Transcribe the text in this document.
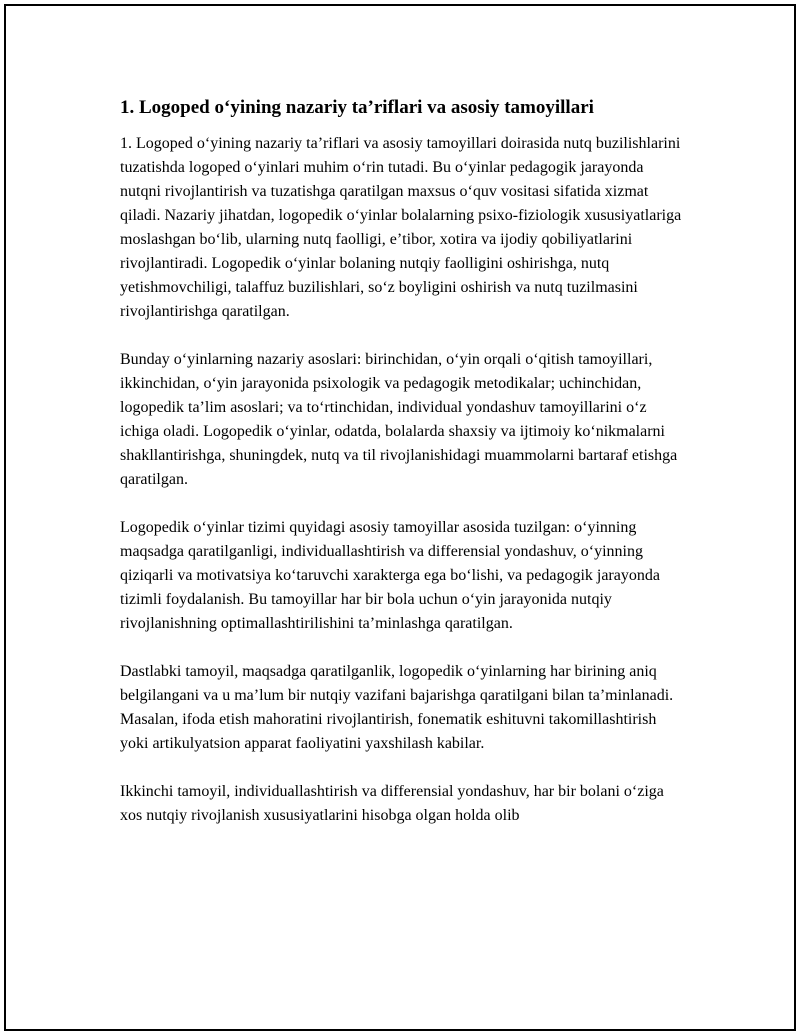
1. Logoped oʻyining nazariy taʼriflari va asosiy tamoyillari

1. Logoped oʻyining nazariy taʼriflari va asosiy tamoyillari doirasida nutq buzilishlarini tuzatishda logoped oʻyinlari muhim oʻrin tutadi. Bu oʻyinlar pedagogik jarayonda nutqni rivojlantirish va tuzatishga qaratilgan maxsus oʻquv vositasi sifatida xizmat qiladi. Nazariy jihatdan, logopedik oʻyinlar bolalarning psixo-fiziologik xususiyatlariga moslashgan boʻlib, ularning nutq faolligi, eʼtibor, xotira va ijodiy qobiliyatlarini rivojlantiradi. Logopedik oʻyinlar bolaning nutqiy faolligini oshirishga, nutq yetishmovchiligi, talaffuz buzilishlari, soʻz boyligini oshirish va nutq tuzilmasini rivojlantirishga qaratilgan.

Bunday oʻyinlarning nazariy asoslari: birinchidan, oʻyin orqali oʻqitish tamoyillari, ikkinchidan, oʻyin jarayonida psixologik va pedagogik metodikalar; uchinchidan, logopedik taʼlim asoslari; va toʻrtinchidan, individual yondashuv tamoyillarini oʻz ichiga oladi. Logopedik oʻyinlar, odatda, bolalarda shaxsiy va ijtimoiy koʻnikmalarni shakllantirishga, shuningdek, nutq va til rivojlanishidagi muammolarni bartaraf etishga qaratilgan.

Logopedik oʻyinlar tizimi quyidagi asosiy tamoyillar asosida tuzilgan: oʻyinning maqsadga qaratilganligi, individuallashtirish va differensial yondashuv, oʻyinning qiziqarli va motivatsiya koʻtaruvchi xarakterga ega boʻlishi, va pedagogik jarayonda tizimli foydalanish. Bu tamoyillar har bir bola uchun oʻyin jarayonida nutqiy rivojlanishning optimallashtirilishini taʼminlashga qaratilgan.

Dastlabki tamoyil, maqsadga qaratilganlik, logopedik oʻyinlarning har birining aniq belgilangani va u maʼlum bir nutqiy vazifani bajarishga qaratilgani bilan taʼminlanadi. Masalan, ifoda etish mahoratini rivojlantirish, fonematik eshituvni takomillashtirish yoki artikulyatsion apparat faoliyatini yaxshilash kabilar.

Ikkinchi tamoyil, individuallashtirish va differensial yondashuv, har bir bolani oʻziga xos nutqiy rivojlanish xususiyatlarini hisobga olgan holda olib
